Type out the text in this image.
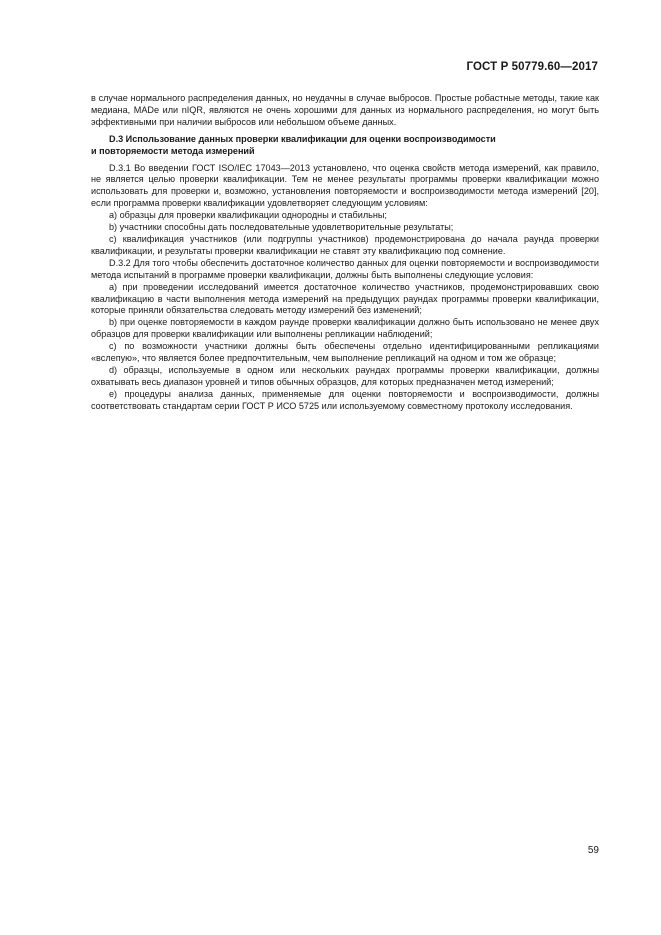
ГОСТ Р 50779.60—2017

в случае нормального распределения данных, но неудачны в случае выбросов. Простые робастные методы, такие как медиана, MADe или nIQR, являются не очень хорошими для данных из нормального распределения, но могут быть эффективными при наличии выбросов или небольшом объеме данных.

D.3 Использование данных проверки квалификации для оценки воспроизводимости
и повторяемости метода измерений

D.3.1 Во введении ГОСТ ISO/IEC 17043—2013 установлено, что оценка свойств метода измерений, как правило, не является целью проверки квалификации. Тем не менее результаты программы проверки квалификации можно использовать для проверки и, возможно, установления повторяемости и воспроизводимости метода измерений [20], если программа проверки квалификации удовлетворяет следующим условиям:

а) образцы для проверки квалификации однородны и стабильны;

b) участники способны дать последовательные удовлетворительные результаты;

с) квалификация участников (или подгруппы участников) продемонстрирована до начала раунда проверки квалификации, и результаты проверки квалификации не ставят эту квалификацию под сомнение.

D.3.2 Для того чтобы обеспечить достаточное количество данных для оценки повторяемости и воспроизводимости метода испытаний в программе проверки квалификации, должны быть выполнены следующие условия:

а) при проведении исследований имеется достаточное количество участников, продемонстрировавших свою квалификацию в части выполнения метода измерений на предыдущих раундах программы проверки квалификации, которые приняли обязательства следовать методу измерений без изменений;

b) при оценке повторяемости в каждом раунде проверки квалификации должно быть использовано не менее двух образцов для проверки квалификации или выполнены репликации наблюдений;

с) по возможности участники должны быть обеспечены отдельно идентифицированными репликациями «вслепую», что является более предпочтительным, чем выполнение репликаций на одном и том же образце;

d) образцы, используемые в одном или нескольких раундах программы проверки квалификации, должны охватывать весь диапазон уровней и типов обычных образцов, для которых предназначен метод измерений;

е) процедуры анализа данных, применяемые для оценки повторяемости и воспроизводимости, должны соответствовать стандартам серии ГОСТ Р ИСО 5725 или используемому совместному протоколу исследования.

59
